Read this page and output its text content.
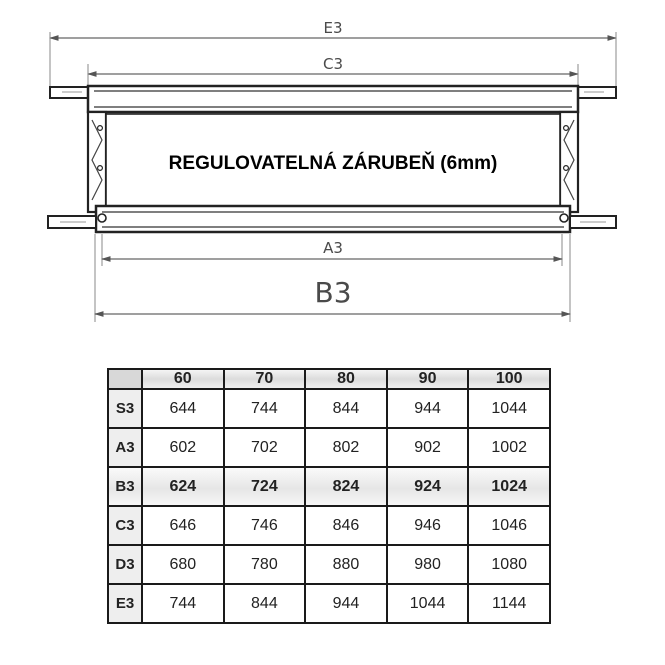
E3
C3
REGULOVATELNÁ ZÁRUBEŇ (6mm)
A3
B3
	60	70	80	90	100
S3	644	744	844	944	1044
A3	602	702	802	902	1002
B3	624	724	824	924	1024
C3	646	746	846	946	1046
D3	680	780	880	980	1080
E3	744	844	944	1044	1144
